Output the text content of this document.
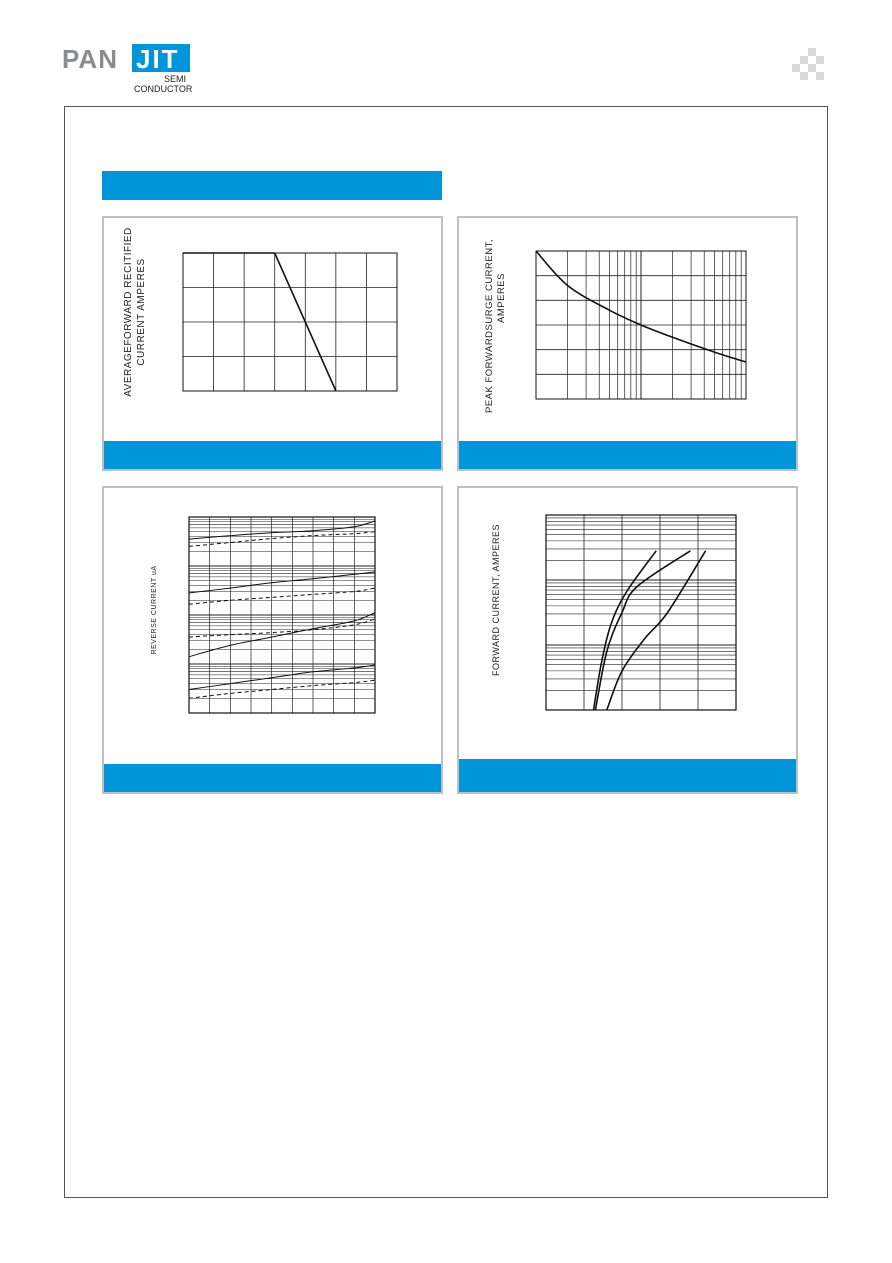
PAN JIT
SEMI
CONDUCTOR
AVERAGEFORWARD RECITIFIED CURRENT AMPERES	PEAK FORWARDSURGE CURRENT, AMPERES
REVERSE CURRENT uA	FORWARD CURRENT, AMPERES
